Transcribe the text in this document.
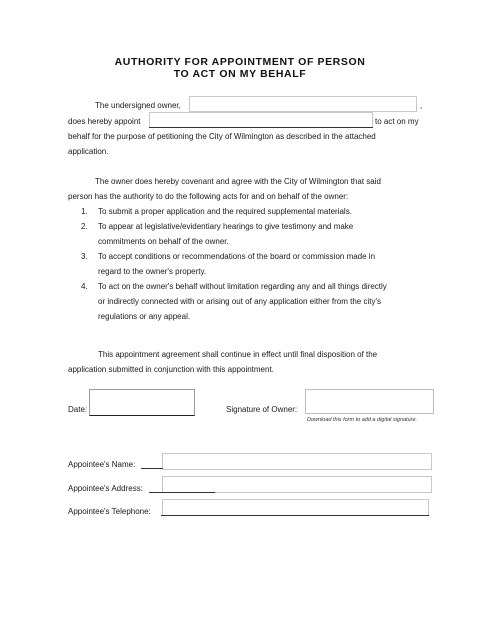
AUTHORITY FOR APPOINTMENT OF PERSON
TO ACT ON MY BEHALF
The undersigned owner,	,
does hereby appoint	to act on my
behalf for the purpose of petitioning the City of Wilmington as described in the attached
application.
The owner does hereby covenant and agree with the City of Wilmington that said
person has the authority to do the following acts for and on behalf of the owner:
1. To submit a proper application and the required supplemental materials.
2. To appear at legislative/evidentiary hearings to give testimony and make
commitments on behalf of the owner.
3. To accept conditions or recommendations of the board or commission made in
regard to the owner's property.
4. To act on the owner's behalf without limitation regarding any and all things directly
or indirectly connected with or arising out of any application either from the city's
regulations or any appeal.
This appointment agreement shall continue in effect until final disposition of the
application submitted in conjunction with this appointment.
Date:	Signature of Owner:
Download this form to add a digital signature.
Appointee's Name:
Appointee's Address:
Appointee's Telephone:
